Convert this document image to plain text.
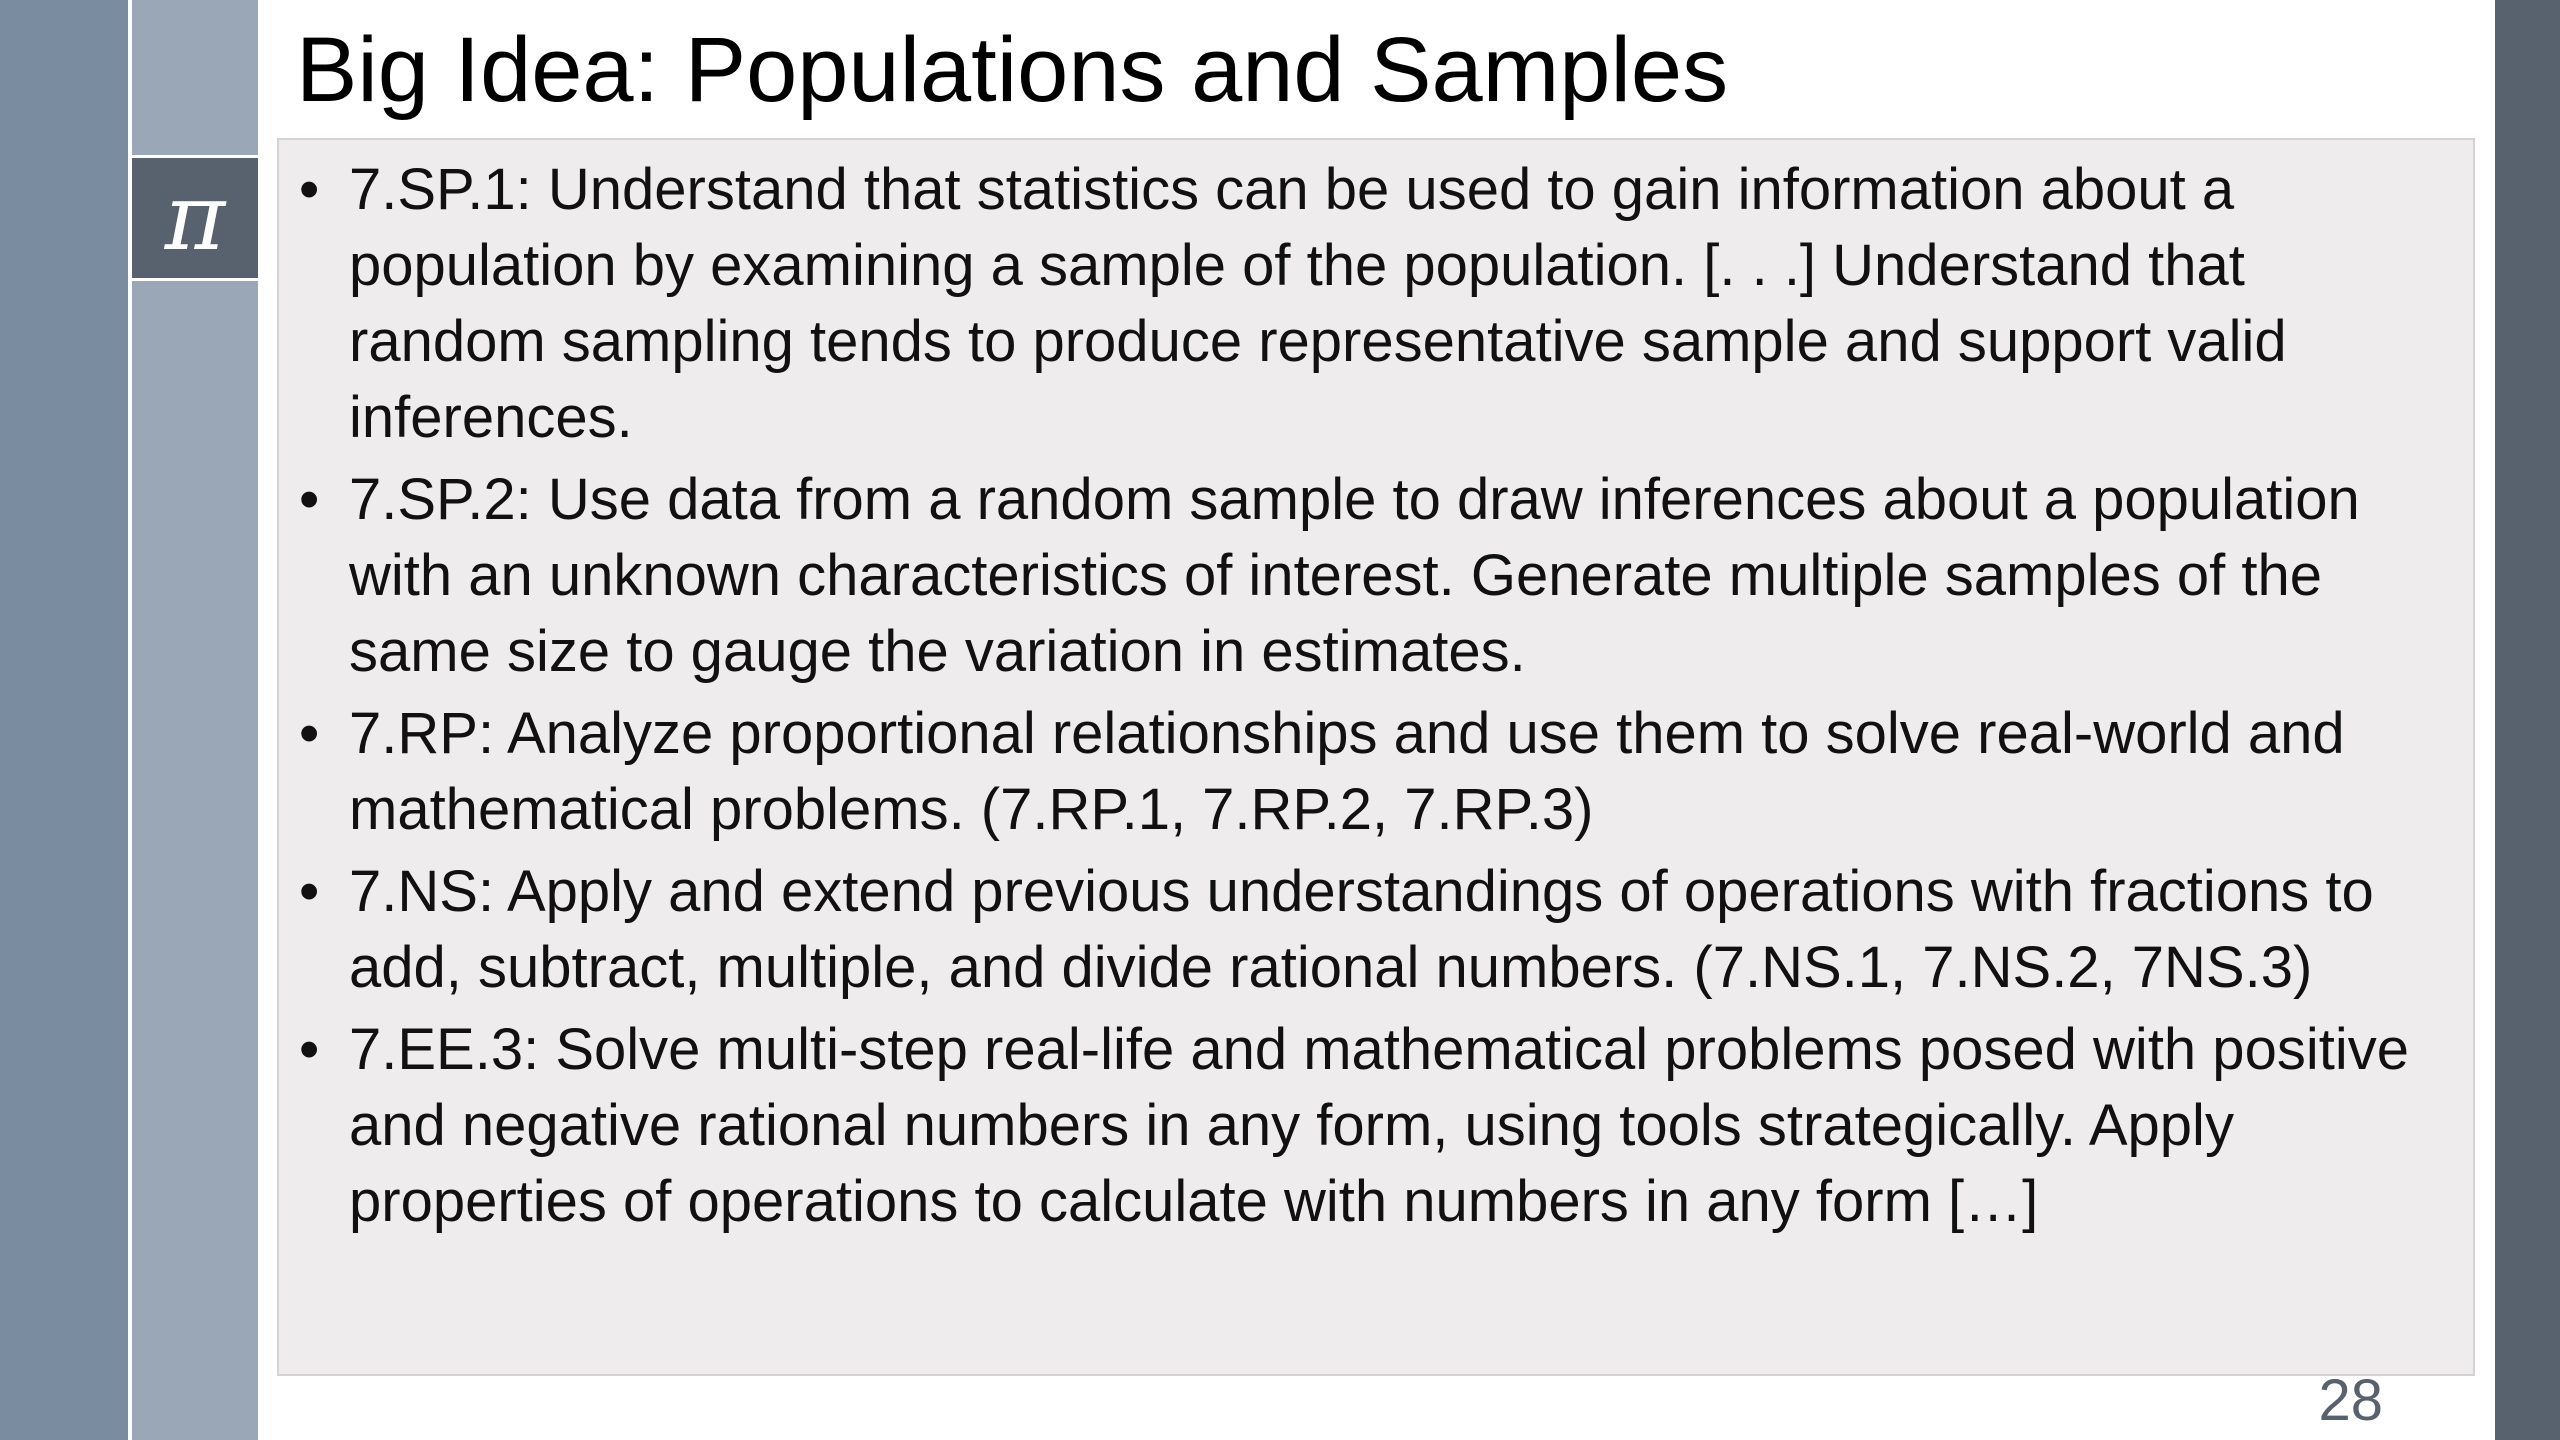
π
Big Idea: Populations and Samples
• 7.SP.1: Understand that statistics can be used to gain information about a population by examining a sample of the population. [. . .] Understand that random sampling tends to produce representative sample and support valid inferences.
• 7.SP.2: Use data from a random sample to draw inferences about a population with an unknown characteristics of interest. Generate multiple samples of the same size to gauge the variation in estimates.
• 7.RP: Analyze proportional relationships and use them to solve real-world and mathematical problems. (7.RP.1, 7.RP.2, 7.RP.3)
• 7.NS: Apply and extend previous understandings of operations with fractions to add, subtract, multiple, and divide rational numbers. (7.NS.1, 7.NS.2, 7NS.3)
• 7.EE.3: Solve multi-step real-life and mathematical problems posed with positive and negative rational numbers in any form, using tools strategically. Apply properties of operations to calculate with numbers in any form […]
28
